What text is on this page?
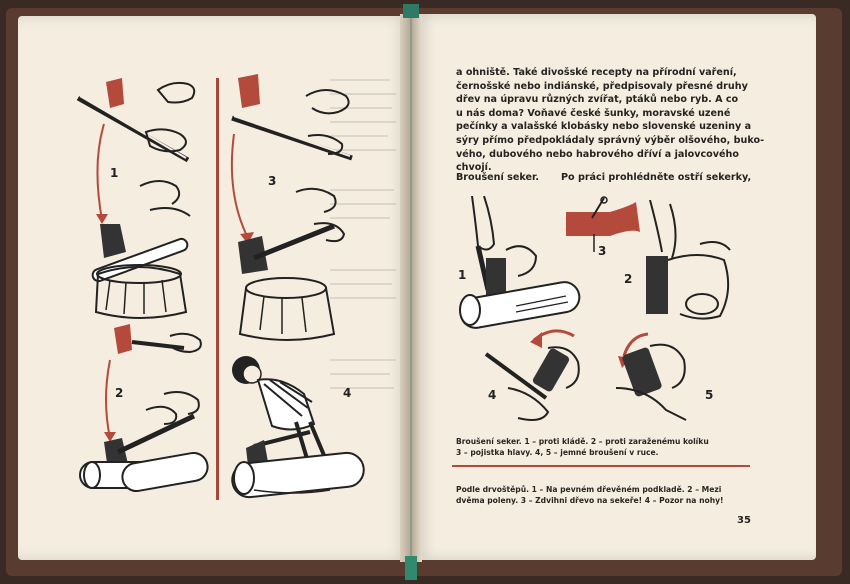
1
2
3
4
a ohniště. Také divošské recepty na přírodní vaření,
černošské nebo indiánské, předpisovaly přesné druhy
dřev na úpravu různých zvířat, ptáků nebo ryb. A co
u nás doma? Voňavé české šunky, moravské uzené
pečínky a valašské klobásky nebo slovenské uzeniny a
sýry přímo předpokládaly správný výběr olšového, buko-
vého, dubového nebo habrového dříví a jalovcového
chvojí.
Broušení seker. Po práci prohlédněte ostří sekerky,
1	2
3
4	5
Broušení seker. 1 – proti kládě. 2 – proti zaraženému kolíku
3 – pojistka hlavy. 4, 5 – jemné broušení v ruce.
Podle drvoštěpů. 1 – Na pevném dřevěném podkladě. 2 – Mezi
dvěma poleny. 3 – Zdvihni dřevo na sekeře! 4 – Pozor na nohy!
35
